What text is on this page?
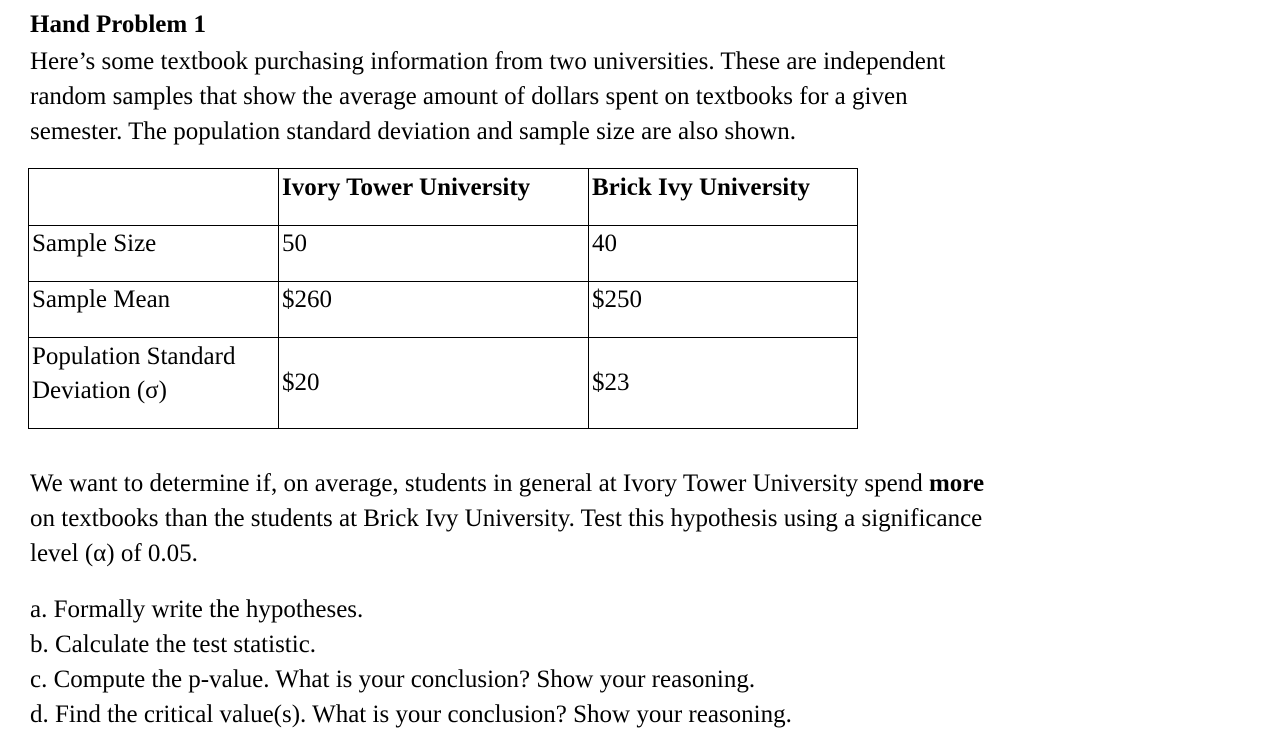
Hand Problem 1
Here’s some textbook purchasing information from two universities. These are independent
random samples that show the average amount of dollars spent on textbooks for a given
semester. The population standard deviation and sample size are also shown.
	Ivory Tower University	Brick Ivy University
Sample Size	50	40
Sample Mean	$260	$250
Population Standard
Deviation (σ)	$20	$23
We want to determine if, on average, students in general at Ivory Tower University spend more
on textbooks than the students at Brick Ivy University. Test this hypothesis using a significance
level (α) of 0.05.
a. Formally write the hypotheses.
b. Calculate the test statistic.
c. Compute the p-value. What is your conclusion? Show your reasoning.
d. Find the critical value(s). What is your conclusion? Show your reasoning.
